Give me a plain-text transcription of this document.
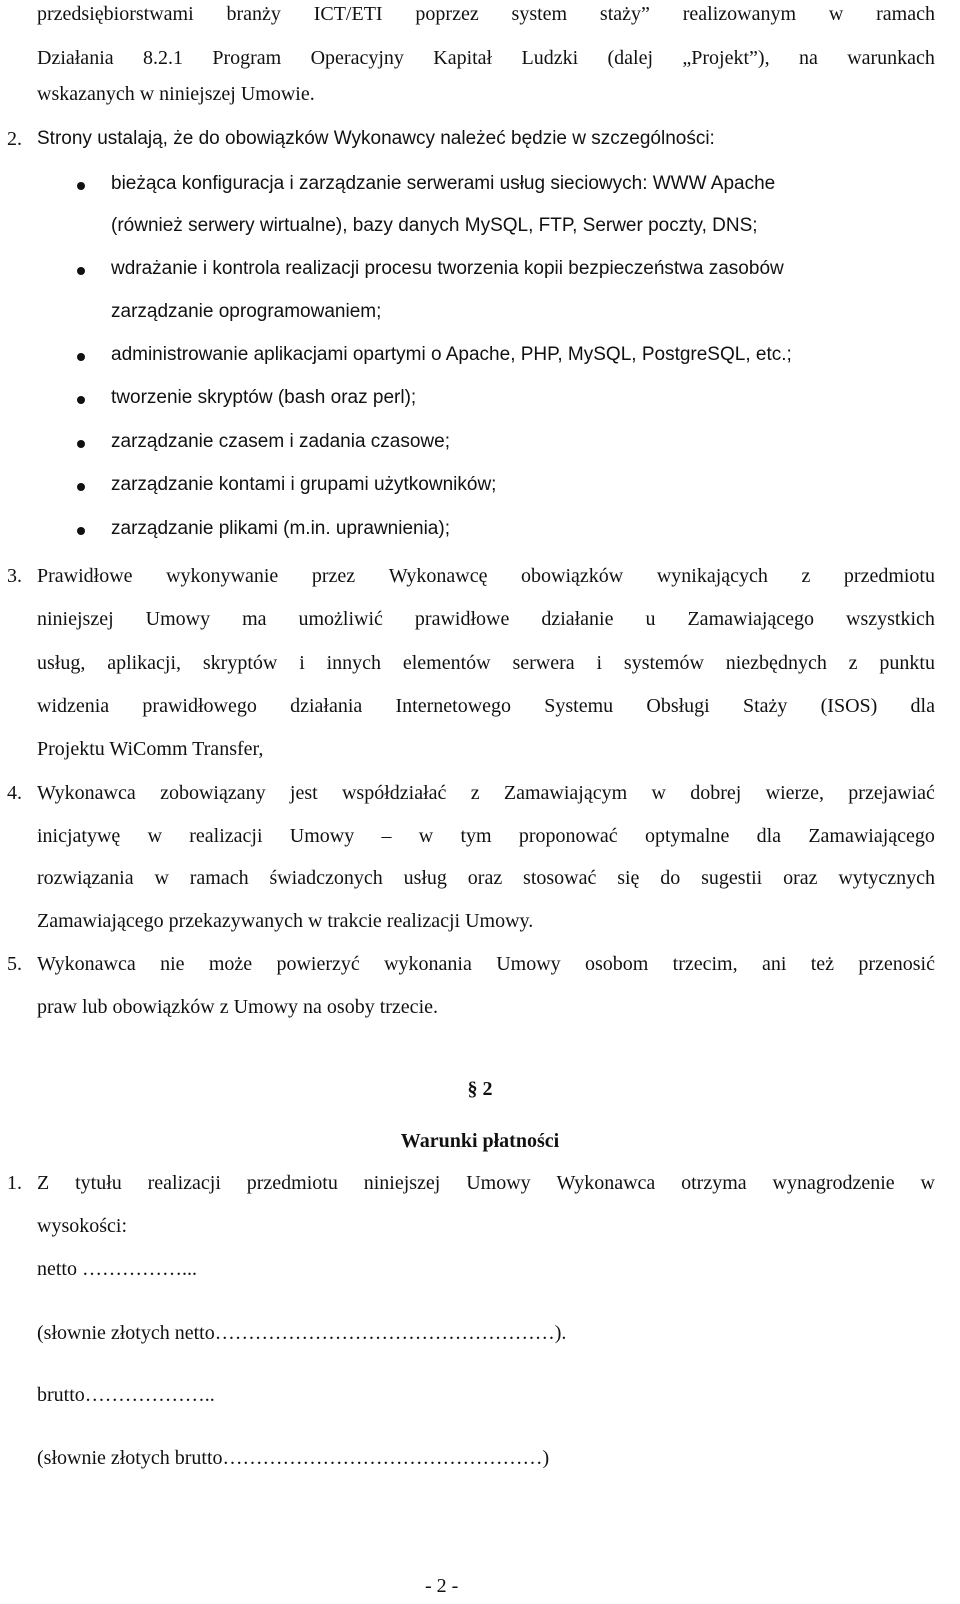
przedsiębiorstwami branży ICT/ETI poprzez system staży” realizowanym w ramach
Działania 8.2.1 Program Operacyjny Kapitał Ludzki (dalej „Projekt”), na warunkach
wskazanych w niniejszej Umowie.
2. Strony ustalają, że do obowiązków Wykonawcy należeć będzie w szczególności:
bieżąca konfiguracja i zarządzanie serwerami usług sieciowych: WWW Apache
(również serwery wirtualne), bazy danych MySQL, FTP, Serwer poczty, DNS;
wdrażanie i kontrola realizacji procesu tworzenia kopii bezpieczeństwa zasobów
zarządzanie oprogramowaniem;
administrowanie aplikacjami opartymi o Apache, PHP, MySQL, PostgreSQL, etc.;
tworzenie skryptów (bash oraz perl);
zarządzanie czasem i zadania czasowe;
zarządzanie kontami i grupami użytkowników;
zarządzanie plikami (m.in. uprawnienia);
3. Prawidłowe wykonywanie przez Wykonawcę obowiązków wynikających z przedmiotu
niniejszej Umowy ma umożliwić prawidłowe działanie u Zamawiającego wszystkich
usług, aplikacji, skryptów i innych elementów serwera i systemów niezbędnych z punktu
widzenia prawidłowego działania Internetowego Systemu Obsługi Staży (ISOS) dla
Projektu WiComm Transfer,
4. Wykonawca zobowiązany jest współdziałać z Zamawiającym w dobrej wierze, przejawiać
inicjatywę w realizacji Umowy – w tym proponować optymalne dla Zamawiającego
rozwiązania w ramach świadczonych usług oraz stosować się do sugestii oraz wytycznych
Zamawiającego przekazywanych w trakcie realizacji Umowy.
5. Wykonawca nie może powierzyć wykonania Umowy osobom trzecim, ani też przenosić
praw lub obowiązków z Umowy na osoby trzecie.
§ 2
Warunki płatności
1. Z tytułu realizacji przedmiotu niniejszej Umowy Wykonawca otrzyma wynagrodzenie w
wysokości:
netto ……………...
(słownie złotych netto……………………………………………).
brutto………………..
(słownie złotych brutto…………………………………………)
- 2 -
